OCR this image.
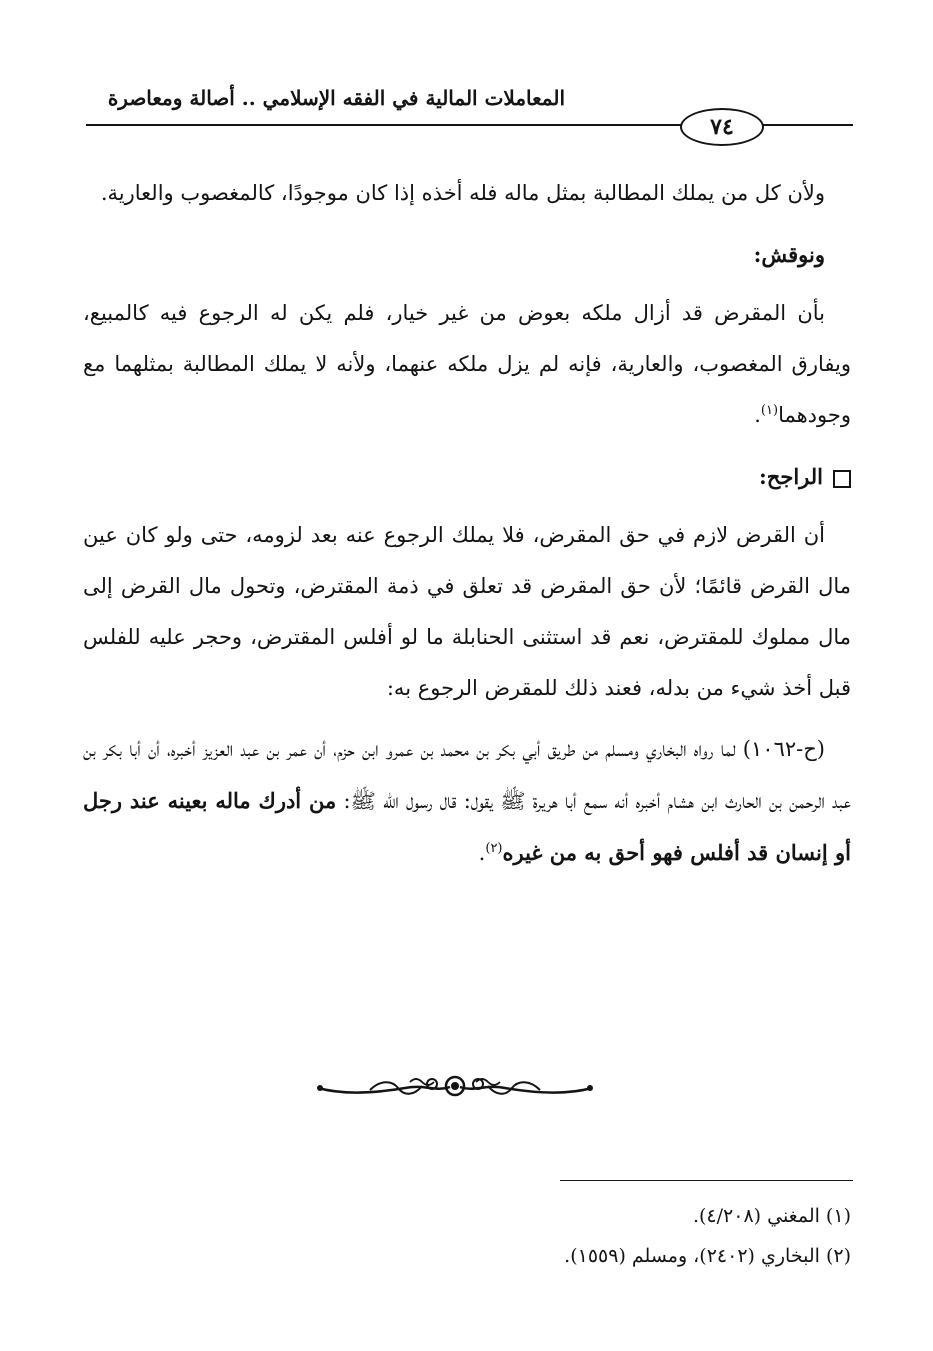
المعاملات المالية في الفقه الإسلامي .. أصالة ومعاصرة
٧٤

ولأن كل من يملك المطالبة بمثل ماله فله أخذه إذا كان موجودًا، كالمغصوب والعارية.

ونوقش:

بأن المقرض قد أزال ملكه بعوض من غير خيار، فلم يكن له الرجوع فيه كالمبيع، ويفارق المغصوب، والعارية، فإنه لم يزل ملكه عنهما، ولأنه لا يملك المطالبة بمثلهما مع وجودهما$^{(١)}$.

الراجح:

أن القرض لازم في حق المقرض، فلا يملك الرجوع عنه بعد لزومه، حتى ولو كان عين مال القرض قائمًا؛ لأن حق المقرض قد تعلق في ذمة المقترض، وتحول مال القرض إلى مال مملوك للمقترض، نعم قد استثنى الحنابلة ما لو أفلس المقترض، وحجر عليه للفلس قبل أخذ شيء من بدله، فعند ذلك للمقرض الرجوع به:

(ح-١٠٦٢) لما رواه البخاري ومسلم من طريق أبي بكر بن محمد بن عمرو ابن حزم، أن عمر بن عبد العزيز أخبره، أن أبا بكر بن عبد الرحمن بن الحارث ابن هشام أخبره أنه سمع أبا هريرة ﷺ يقول: قال رسول الله ﷺ: من أدرك ماله بعينه عند رجل أو إنسان قد أفلس فهو أحق به من غيره$^{(٢)}$.

(١) المغني (٤/٢٠٨).
(٢) البخاري (٢٤٠٢)، ومسلم (١٥٥٩).
